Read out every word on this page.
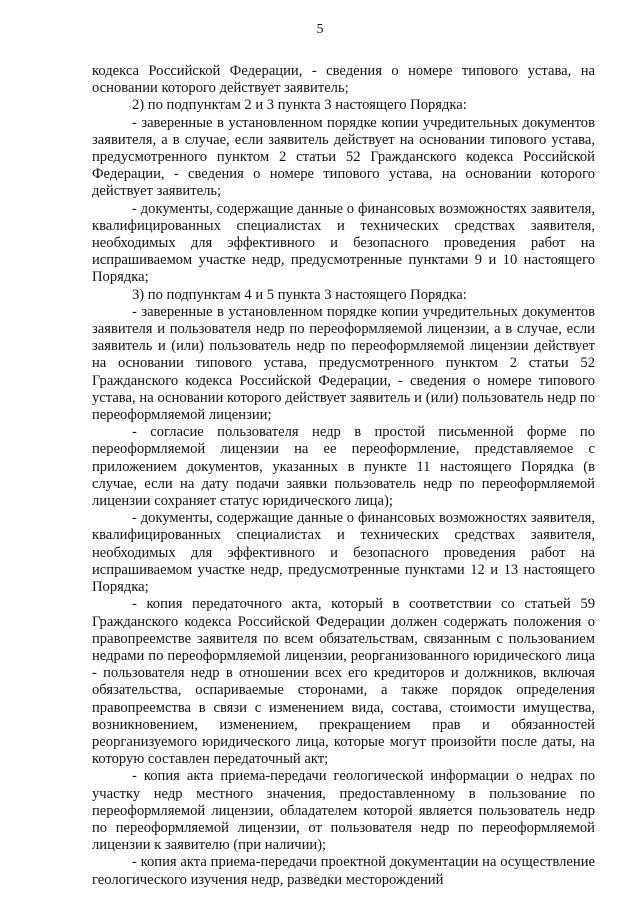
5

кодекса Российской Федерации, - сведения о номере типового устава, на основании которого действует заявитель;

2) по подпунктам 2 и 3 пункта 3 настоящего Порядка:

- заверенные в установленном порядке копии учредительных документов заявителя, а в случае, если заявитель действует на основании типового устава, предусмотренного пунктом 2 статьи 52 Гражданского кодекса Российской Федерации, - сведения о номере типового устава, на основании которого действует заявитель;

- документы, содержащие данные о финансовых возможностях заявителя, квалифицированных специалистах и технических средствах заявителя, необходимых для эффективного и безопасного проведения работ на испрашиваемом участке недр, предусмотренные пунктами 9 и 10 настоящего Порядка;

3) по подпунктам 4 и 5 пункта 3 настоящего Порядка:

- заверенные в установленном порядке копии учредительных документов заявителя и пользователя недр по переоформляемой лицензии, а в случае, если заявитель и (или) пользователь недр по переоформляемой лицензии действует на основании типового устава, предусмотренного пунктом 2 статьи 52 Гражданского кодекса Российской Федерации, - сведения о номере типового устава, на основании которого действует заявитель и (или) пользователь недр по переоформляемой лицензии;

- согласие пользователя недр в простой письменной форме по переоформляемой лицензии на ее переоформление, представляемое с приложением документов, указанных в пункте 11 настоящего Порядка (в случае, если на дату подачи заявки пользователь недр по переоформляемой лицензии сохраняет статус юридического лица);

- документы, содержащие данные о финансовых возможностях заявителя, квалифицированных специалистах и технических средствах заявителя, необходимых для эффективного и безопасного проведения работ на испрашиваемом участке недр, предусмотренные пунктами 12 и 13 настоящего Порядка;

- копия передаточного акта, который в соответствии со статьей 59 Гражданского кодекса Российской Федерации должен содержать положения о правопреемстве заявителя по всем обязательствам, связанным с пользованием недрами по переоформляемой лицензии, реорганизованного юридического лица - пользователя недр в отношении всех его кредиторов и должников, включая обязательства, оспариваемые сторонами, а также порядок определения правопреемства в связи с изменением вида, состава, стоимости имущества, возникновением, изменением, прекращением прав и обязанностей реорганизуемого юридического лица, которые могут произойти после даты, на которую составлен передаточный акт;

- копия акта приема-передачи геологической информации о недрах по участку недр местного значения, предоставленному в пользование по переоформляемой лицензии, обладателем которой является пользователь недр по переоформляемой лицензии, от пользователя недр по переоформляемой лицензии к заявителю (при наличии);

- копия акта приема-передачи проектной документации на осуществление геологического изучения недр, разведки месторождений
